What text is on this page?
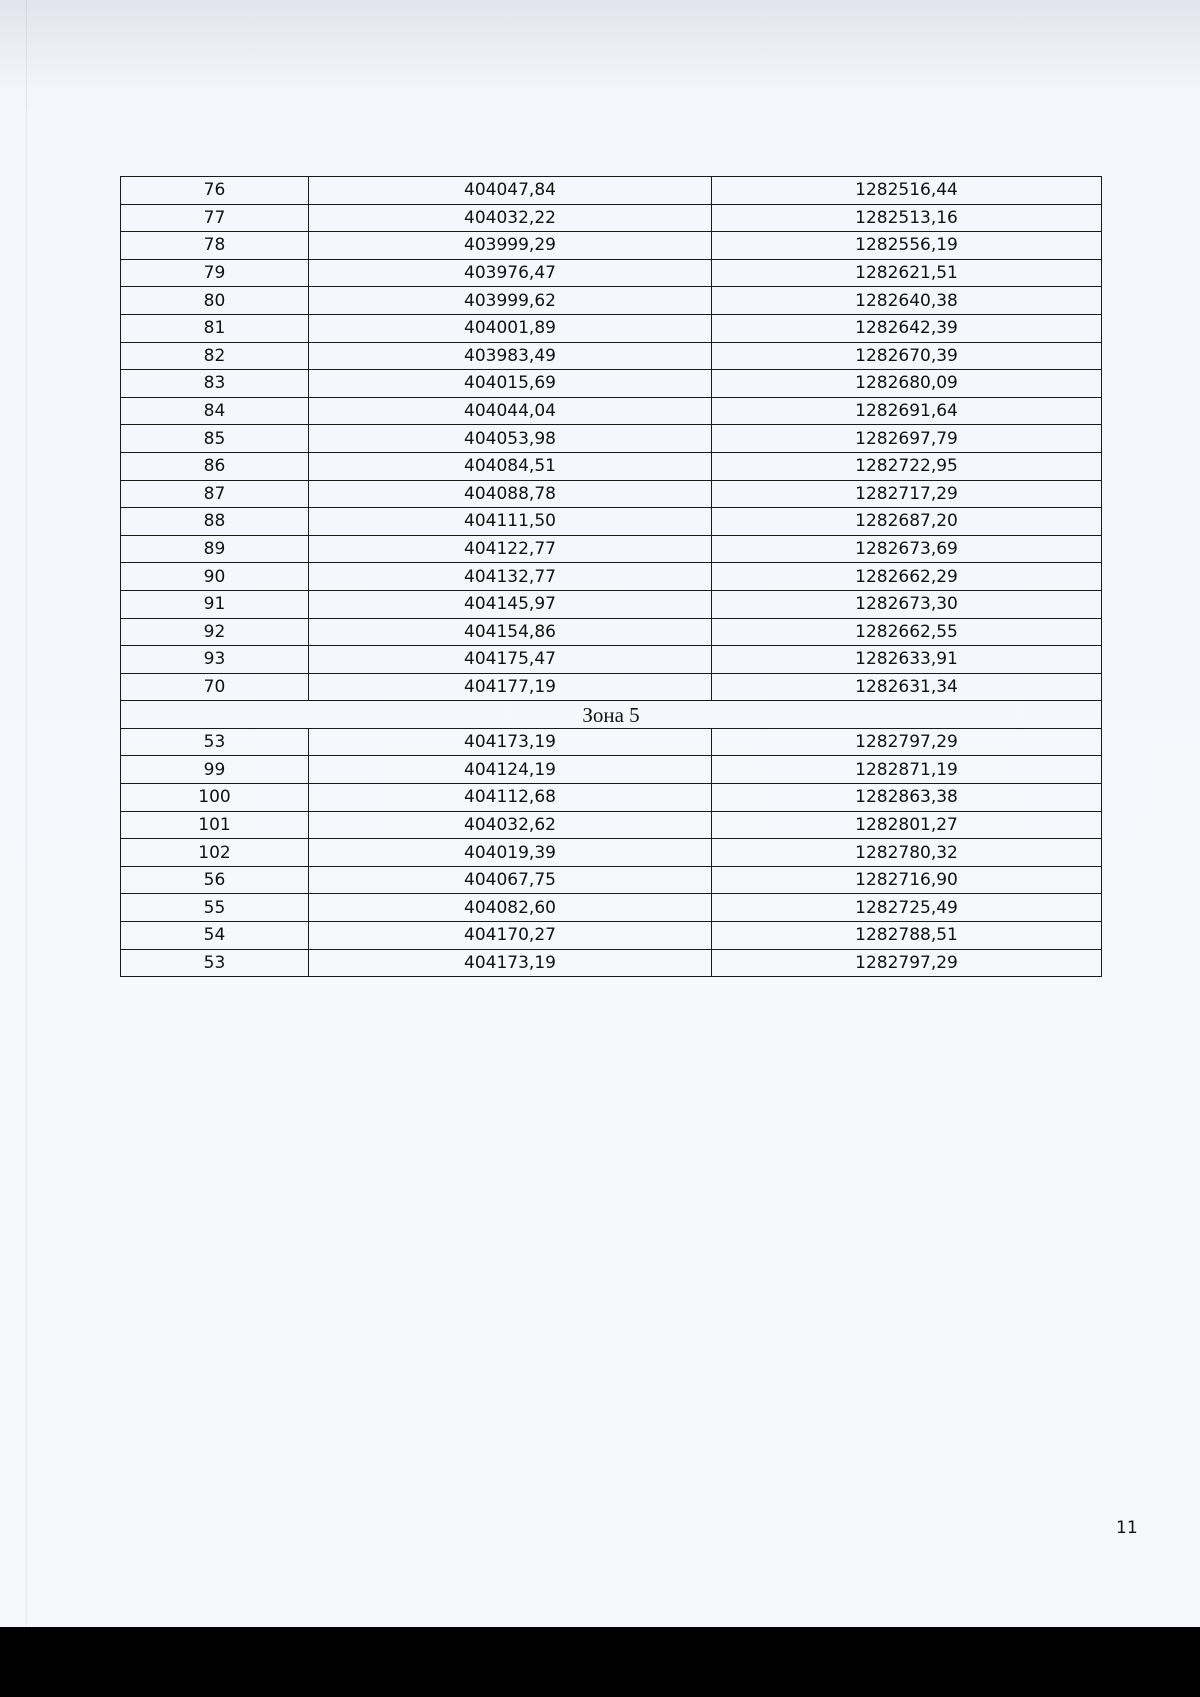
76	404047,84	1282516,44
77	404032,22	1282513,16
78	403999,29	1282556,19
79	403976,47	1282621,51
80	403999,62	1282640,38
81	404001,89	1282642,39
82	403983,49	1282670,39
83	404015,69	1282680,09
84	404044,04	1282691,64
85	404053,98	1282697,79
86	404084,51	1282722,95
87	404088,78	1282717,29
88	404111,50	1282687,20
89	404122,77	1282673,69
90	404132,77	1282662,29
91	404145,97	1282673,30
92	404154,86	1282662,55
93	404175,47	1282633,91
70	404177,19	1282631,34
Зона 5		
53	404173,19	1282797,29
99	404124,19	1282871,19
100	404112,68	1282863,38
101	404032,62	1282801,27
102	404019,39	1282780,32
56	404067,75	1282716,90
55	404082,60	1282725,49
54	404170,27	1282788,51
53	404173,19	1282797,29
11
